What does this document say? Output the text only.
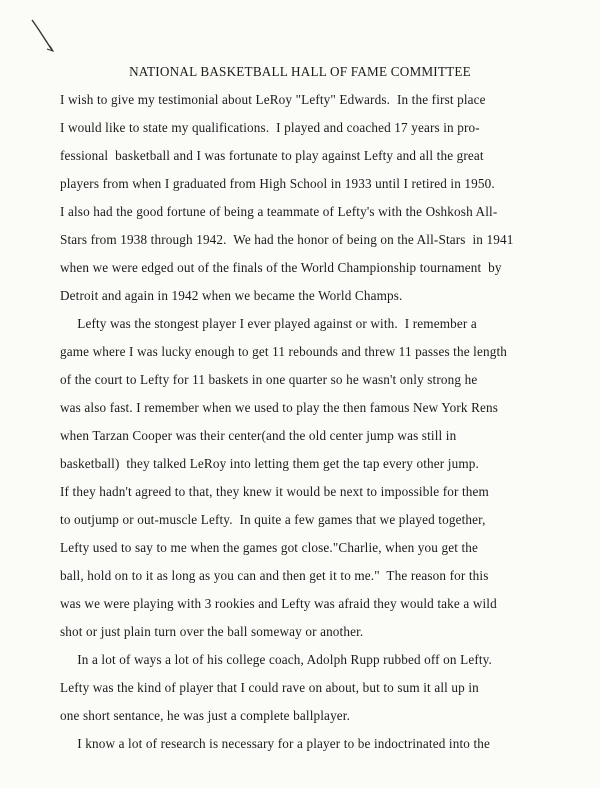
NATIONAL BASKETBALL HALL OF FAME COMMITTEE
I wish to give my testimonial about LeRoy "Lefty" Edwards.  In the first place
I would like to state my qualifications.  I played and coached 17 years in pro-
fessional  basketball and I was fortunate to play against Lefty and all the great
players from when I graduated from High School in 1933 until I retired in 1950.
I also had the good fortune of being a teammate of Lefty's with the Oshkosh All-
Stars from 1938 through 1942.  We had the honor of being on the All-Stars  in 1941
when we were edged out of the finals of the World Championship tournament  by
Detroit and again in 1942 when we became the World Champs.
Lefty was the stongest player I ever played against or with.  I remember a
game where I was lucky enough to get 11 rebounds and threw 11 passes the length
of the court to Lefty for 11 baskets in one quarter so he wasn't only strong he
was also fast. I remember when we used to play the then famous New York Rens
when Tarzan Cooper was their center(and the old center jump was still in
basketball)  they talked LeRoy into letting them get the tap every other jump.
If they hadn't agreed to that, they knew it would be next to impossible for them
to outjump or out-muscle Lefty.  In quite a few games that we played together,
Lefty used to say to me when the games got close."Charlie, when you get the
ball, hold on to it as long as you can and then get it to me."  The reason for this
was we were playing with 3 rookies and Lefty was afraid they would take a wild
shot or just plain turn over the ball someway or another.
In a lot of ways a lot of his college coach, Adolph Rupp rubbed off on Lefty.
Lefty was the kind of player that I could rave on about, but to sum it all up in
one short sentance, he was just a complete ballplayer.
I know a lot of research is necessary for a player to be indoctrinated into the
